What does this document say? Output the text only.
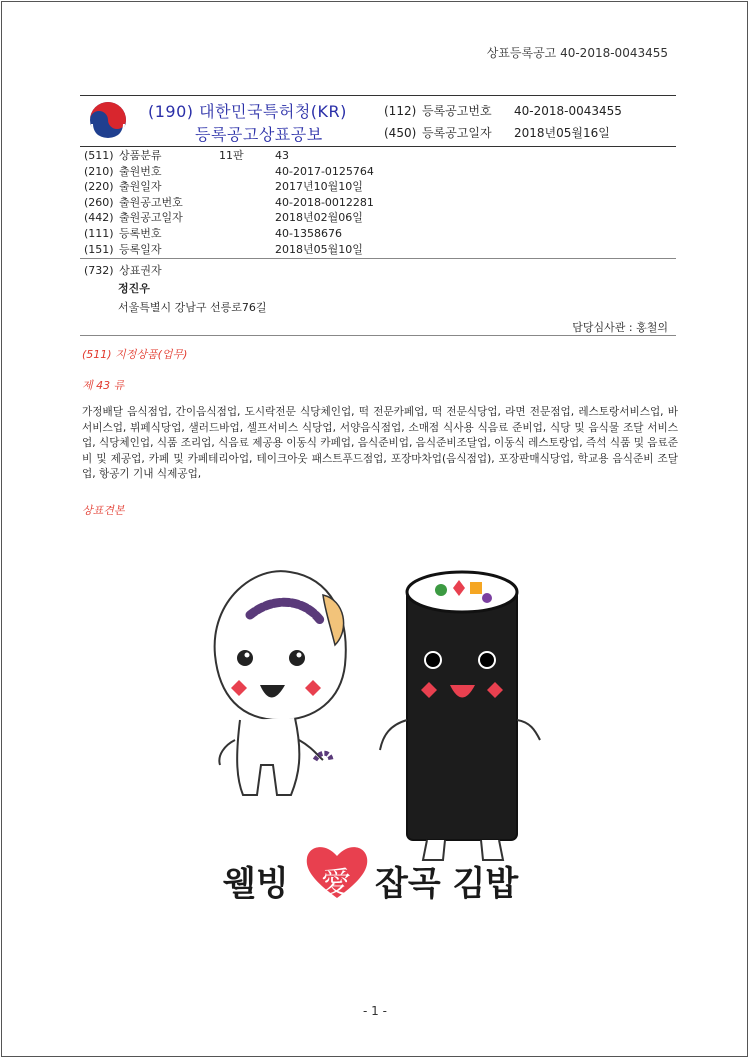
상표등록공고 40-2018-0043455
(190) 대한민국특허청(KR)
등록공고상표공보
(112) 등록공고번호 40-2018-0043455
(450) 등록공고일자 2018년05월16일
(511) 상품분류	11판	43
(210) 출원번호	40-2017-0125764
(220) 출원일자	2017년10월10일
(260) 출원공고번호	40-2018-0012281
(442) 출원공고일자	2018년02월06일
(111) 등록번호	40-1358676
(151) 등록일자	2018년05월10일
(732) 상표권자
정진우
서울특별시 강남구 선릉로76길
담당심사관 : 홍철의
(511) 지정상품(업무)
제 43 류
가정배달 음식점업, 간이음식점업, 도시락전문 식당체인업, 떡 전문카페업, 떡 전문식당업, 라면 전문점업, 레스토랑서비스업, 바서비스업, 뷔페식당업, 샐러드바업, 셀프서비스 식당업, 서양음식점업, 소매점 식사용 식음료 준비업, 식당 및 음식물 조달 서비스업, 식당체인업, 식품 조리업, 식음료 제공용 이동식 카페업, 음식준비업, 음식준비조달업, 이동식 레스토랑업, 즉석 식품 및 음료준비 및 제공업, 카페 및 카페테리아업, 테이크아웃 패스트푸드점업, 포장마차업(음식점업), 포장판매식당업, 학교용 음식준비 조달업, 항공기 기내 식제공업,
상표견본
웰빙 愛 잡곡 김밥
- 1 -
